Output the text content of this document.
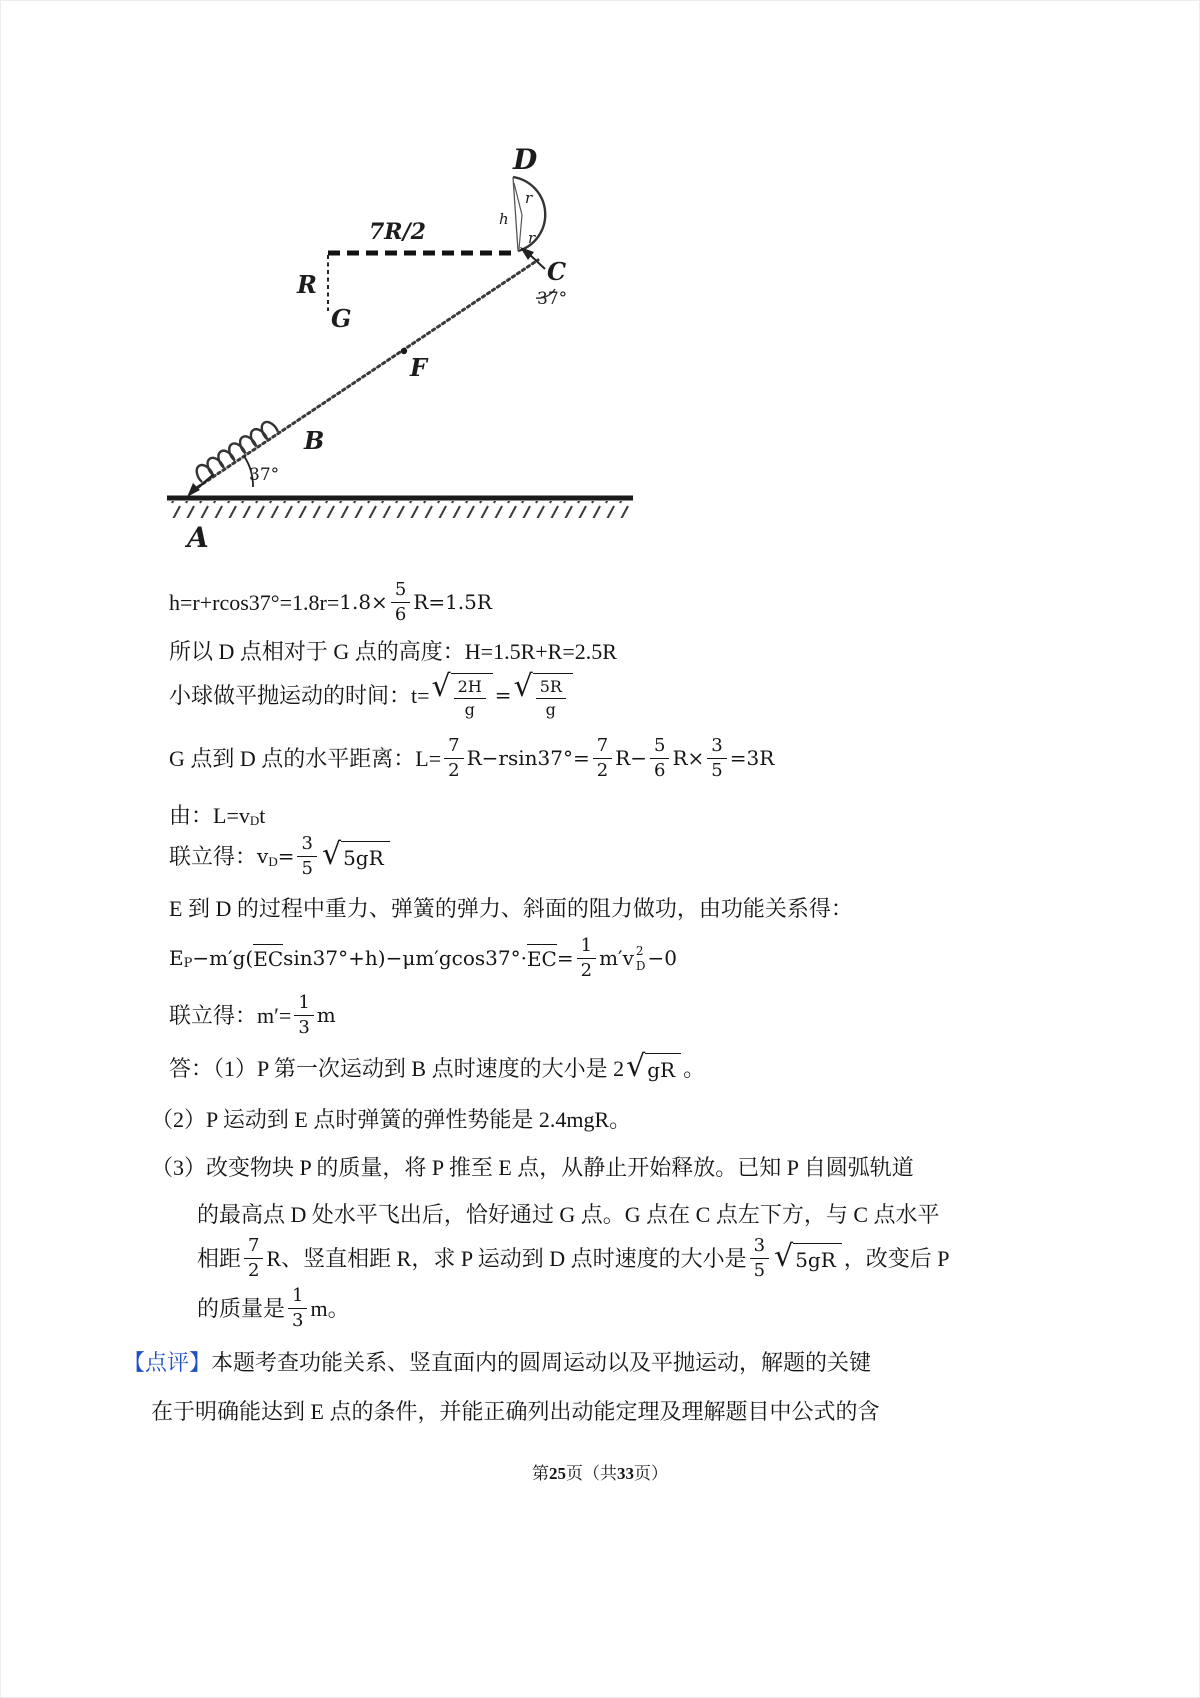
37°
7R/2
R
G
D
r
r
h
C
37°
B
F
A
$h=r+rcos37^\circ=1.8r= 1.8\times \frac{5}{6} R=1.5R$
所以 D 点相对于 G 点的高度：H=1.5R+R=2.5R
小球做平抛运动的时间：t= √ $\frac{2H}{g}$ = √ $\frac{5R}{g}$
G 点到 D 点的水平距离：$L= \frac{7}{2} R-rsin37^\circ= \frac{7}{2} R- \frac{5}{6} R\times \frac{3}{5} =3R$
由：L=v D t
联立得： v $D = \frac{3}{5}$ √ 5gR
E 到 D 的过程中重力、弹簧的弹力、斜面的阻力做功，由功能关系得：
E P −m′g( EC sin37°+h)−μm′gcos37°· EC = $\frac{1}{2} m'v$ 2
D −0
联立得：$m'= \frac{1}{3}$ m
答：（1）P 第一次运动到 B 点时速度的大小是 2 √ gR 。
（2）P 运动到 E 点时弹簧的弹性势能是 2.4mgR。
（3）改变物块 P 的质量，将 P 推至 E 点，从静止开始释放。已知 P 自圆弧轨道
的最高点 D 处水平飞出后，恰好通过 G 点。G 点在 C 点左下方，与 C 点水平
相距 $\frac{7}{2}$ R、竖直相距 R，求 P 运动到 D 点时速度的大小是 $\frac{3}{5}$ √ 5gR ，改变后 P
的质量是 $\frac{1}{3}$ m。
【点评】 本题考查功能关系、竖直面内的圆周运动以及平抛运动，解题的关键
在于明确能达到 E 点的条件，并能正确列出动能定理及理解题目中公式的含
第25页（共33页）
